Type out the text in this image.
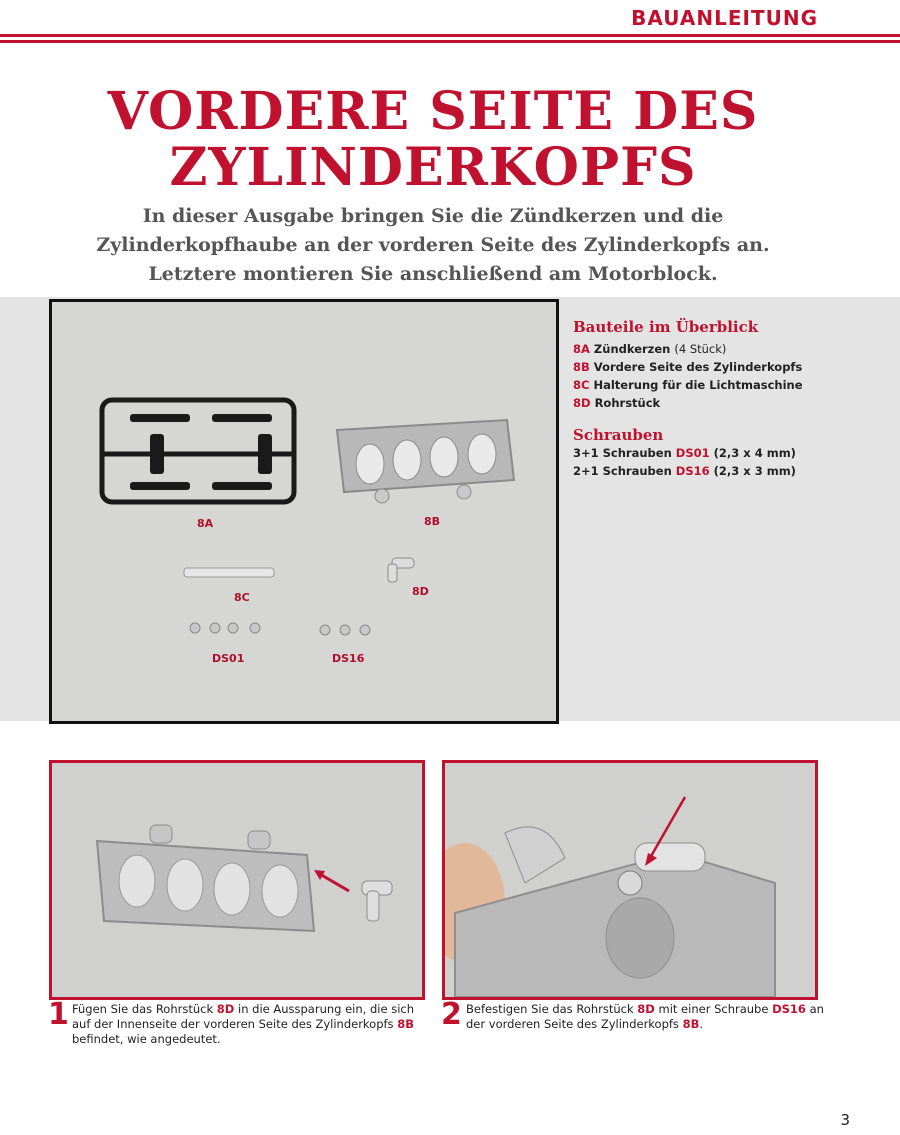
BAUANLEITUNG
VORDERE SEITE DES
ZYLINDERKOPFS
In dieser Ausgabe bringen Sie die Zündkerzen und die
Zylinderkopfhaube an der vorderen Seite des Zylinderkopfs an.
Letztere montieren Sie anschließend am Motorblock.
8A	8B
8C	8D
DS01	DS16
Bauteile im Überblick
8A Zündkerzen (4 Stück)
8B Vordere Seite des Zylinderkopfs
8C Halterung für die Lichtmaschine
8D Rohrstück
Schrauben
3+1 Schrauben DS01 (2,3 x 4 mm)
2+1 Schrauben DS16 (2,3 x 3 mm)
1 Fügen Sie das Rohrstück 8D in die Aussparung ein, die sich auf der Innenseite der vorderen Seite des Zylinderkopfs 8B befindet, wie angedeutet.
2 Befestigen Sie das Rohrstück 8D mit einer Schraube DS16 an der vorderen Seite des Zylinderkopfs 8B.
3
